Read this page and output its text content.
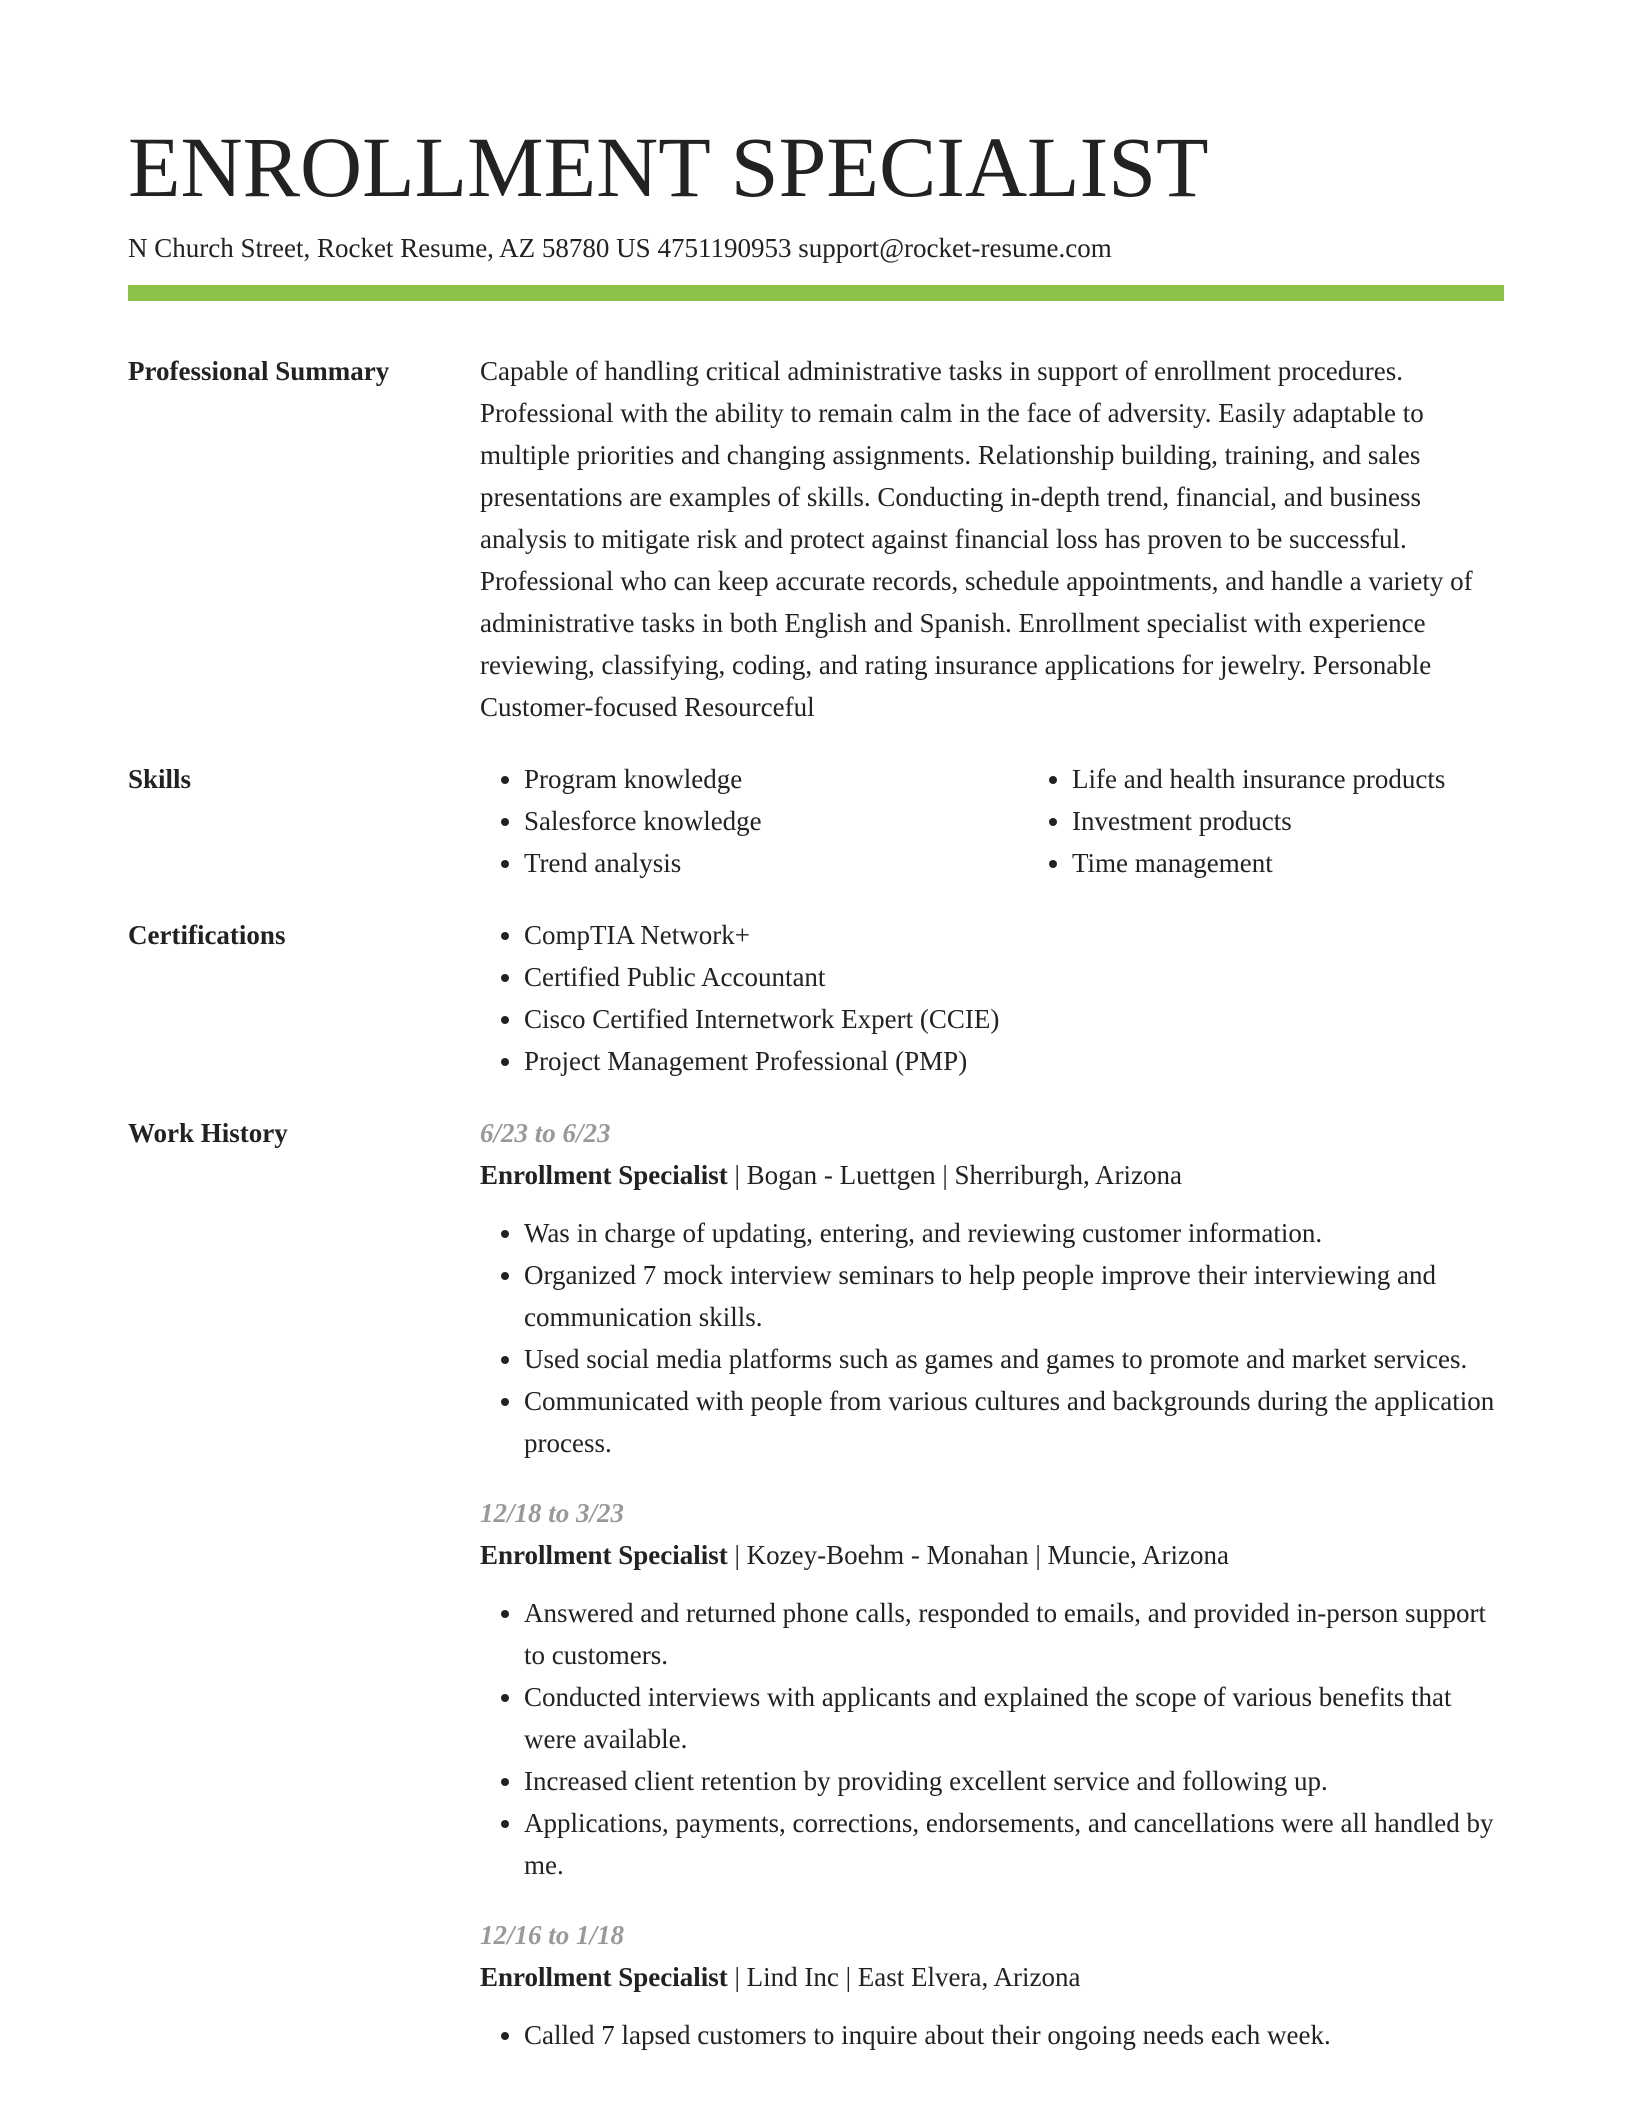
ENROLLMENT SPECIALIST
N Church Street, Rocket Resume, AZ 58780 US 4751190953 support@rocket-resume.com
Professional Summary	Capable of handling critical administrative tasks in support of enrollment procedures. Professional with the ability to remain calm in the face of adversity. Easily adaptable to multiple priorities and changing assignments. Relationship building, training, and sales presentations are examples of skills. Conducting in-depth trend, financial, and business analysis to mitigate risk and protect against financial loss has proven to be successful. Professional who can keep accurate records, schedule appointments, and handle a variety of administrative tasks in both English and Spanish. Enrollment specialist with experience reviewing, classifying, coding, and rating insurance applications for jewelry. Personable Customer-focused Resourceful

Skills	• Program knowledge
• Salesforce knowledge
• Trend analysis
• Life and health insurance products
• Investment products
• Time management
Certifications	• CompTIA Network+
• Certified Public Accountant
• Cisco Certified Internetwork Expert (CCIE)
• Project Management Professional (PMP)
Work History	6/23 to 6/23
Enrollment Specialist | Bogan - Luettgen | Sherriburgh, Arizona
• Was in charge of updating, entering, and reviewing customer information.
• Organized 7 mock interview seminars to help people improve their interviewing and communication skills.
• Used social media platforms such as games and games to promote and market services.
• Communicated with people from various cultures and backgrounds during the application process.
12/18 to 3/23
Enrollment Specialist | Kozey-Boehm - Monahan | Muncie, Arizona
• Answered and returned phone calls, responded to emails, and provided in-person support to customers.
• Conducted interviews with applicants and explained the scope of various benefits that were available.
• Increased client retention by providing excellent service and following up.
• Applications, payments, corrections, endorsements, and cancellations were all handled by me.
12/16 to 1/18
Enrollment Specialist | Lind Inc | East Elvera, Arizona
• Called 7 lapsed customers to inquire about their ongoing needs each week.
